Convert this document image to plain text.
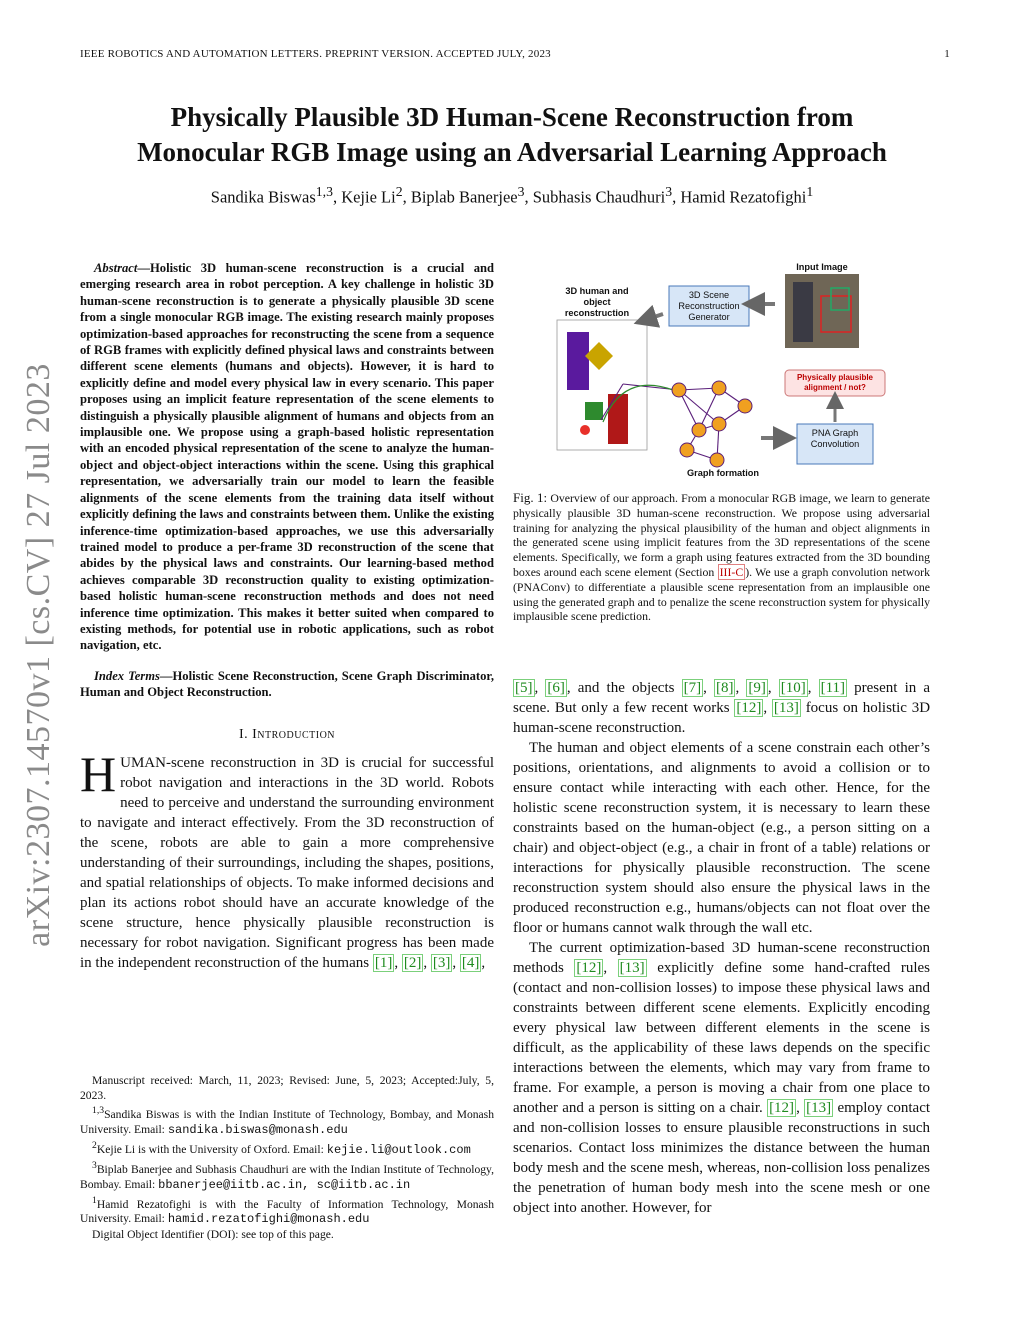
IEEE ROBOTICS AND AUTOMATION LETTERS. PREPRINT VERSION. ACCEPTED JULY, 2023	1
arXiv:2307.14570v1 [cs.CV] 27 Jul 2023
Physically Plausible 3D Human-Scene Reconstruction from
Monocular RGB Image using an Adversarial Learning Approach
Sandika Biswas$^{1,3}$, Kejie Li$^2$, Biplab Banerjee$^3$, Subhasis Chaudhuri$^3$, Hamid Rezatofighi$^1$

Abstract—Holistic 3D human-scene reconstruction is a crucial and emerging research area in robot perception. A key challenge in holistic 3D human-scene reconstruction is to generate a physically plausible 3D scene from a single monocular RGB image. The existing research mainly proposes optimization-based approaches for reconstructing the scene from a sequence of RGB frames with explicitly defined physical laws and constraints between different scene elements (humans and objects). However, it is hard to explicitly define and model every physical law in every scenario. This paper proposes using an implicit feature representation of the scene elements to distinguish a physically plausible alignment of humans and objects from an implausible one. We propose using a graph-based holistic representation with an encoded physical representation of the scene to analyze the human-object and object-object interactions within the scene. Using this graphical representation, we adversarially train our model to learn the feasible alignments of the scene elements from the training data itself without explicitly defining the laws and constraints between them. Unlike the existing inference-time optimization-based approaches, we use this adversarially trained model to produce a per-frame 3D reconstruction of the scene that abides by the physical laws and constraints. Our learning-based method achieves comparable 3D reconstruction quality to existing optimization-based holistic human-scene reconstruction methods and does not need inference time optimization. This makes it better suited when compared to existing methods, for potential use in robotic applications, such as robot navigation, etc.

Index Terms—Holistic Scene Reconstruction, Scene Graph Discriminator, Human and Object Reconstruction.

I. Introduction

HUMAN-scene reconstruction in 3D is crucial for successful robot navigation and interactions in the 3D world. Robots need to perceive and understand the surrounding environment to navigate and interact effectively. From the 3D reconstruction of the scene, robots are able to gain a more comprehensive understanding of their surroundings, including the shapes, positions, and spatial relationships of objects. To make informed decisions and plan its actions robot should have an accurate knowledge of the scene structure, hence physically plausible reconstruction is necessary for robot navigation. Significant progress has been made in the independent reconstruction of the humans [1] , [2] , [3] , [4] ,

Manuscript received: March, 11, 2023; Revised: June, 5, 2023; Accepted:July, 5, 2023.

$^{1,3}$Sandika Biswas is with the Indian Institute of Technology, Bombay, and Monash University. Email: sandika.biswas@monash.edu

$^2$Kejie Li is with the University of Oxford. Email: kejie.li@outlook.com

$^3$Biplab Banerjee and Subhasis Chaudhuri are with the Indian Institute of Technology, Bombay. Email: bbanerjee@iitb.ac.in, sc@iitb.ac.in

$^1$Hamid Rezatofighi is with the Faculty of Information Technology, Monash University. Email: hamid.rezatofighi@monash.edu

Digital Object Identifier (DOI): see top of this page.

3D human and object reconstruction
3D Scene Reconstruction Generator
Input Image
Physically plausible alignment / not?
PNA Graph Convolution
Graph formation

Fig. 1: Overview of our approach. From a monocular RGB image, we learn to generate physically plausible 3D human-scene reconstruction. We propose using adversarial training for analyzing the physical plausibility of the human and object alignments in the generated scene using implicit features from the 3D representations of the scene elements. Specifically, we form a graph using features extracted from the 3D bounding boxes around each scene element (Section III-C ). We use a graph convolution network (PNAConv) to differentiate a plausible scene representation from an implausible one using the generated graph and to penalize the scene reconstruction system for physically implausible scene prediction.

[5] , [6] , and the objects [7] , [8] , [9] , [10] , [11] present in a scene. But only a few recent works [12] , [13] focus on holistic 3D human-scene reconstruction.

The human and object elements of a scene constrain each other’s positions, orientations, and alignments to avoid a collision or to ensure contact while interacting with each other. Hence, for the holistic scene reconstruction system, it is necessary to learn these constraints based on the human-object (e.g., a person sitting on a chair) and object-object (e.g., a chair in front of a table) relations or interactions for physically plausible reconstruction. The scene reconstruction system should also ensure the physical laws in the produced reconstruction e.g., humans/objects can not float over the floor or humans cannot walk through the wall etc.

The current optimization-based 3D human-scene reconstruction methods [12] , [13] explicitly define some hand-crafted rules (contact and non-collision losses) to impose these physical laws and constraints between different scene elements. Explicitly encoding every physical law between different elements in the scene is difficult, as the applicability of these laws depends on the specific interactions between the elements, which may vary from frame to frame. For example, a person is moving a chair from one place to another and a person is sitting on a chair. [12] , [13] employ contact and non-collision losses to ensure plausible reconstructions in such scenarios. Contact loss minimizes the distance between the human body mesh and the scene mesh, whereas, non-collision loss penalizes the penetration of human body mesh into the scene mesh or one object into another. However, for
